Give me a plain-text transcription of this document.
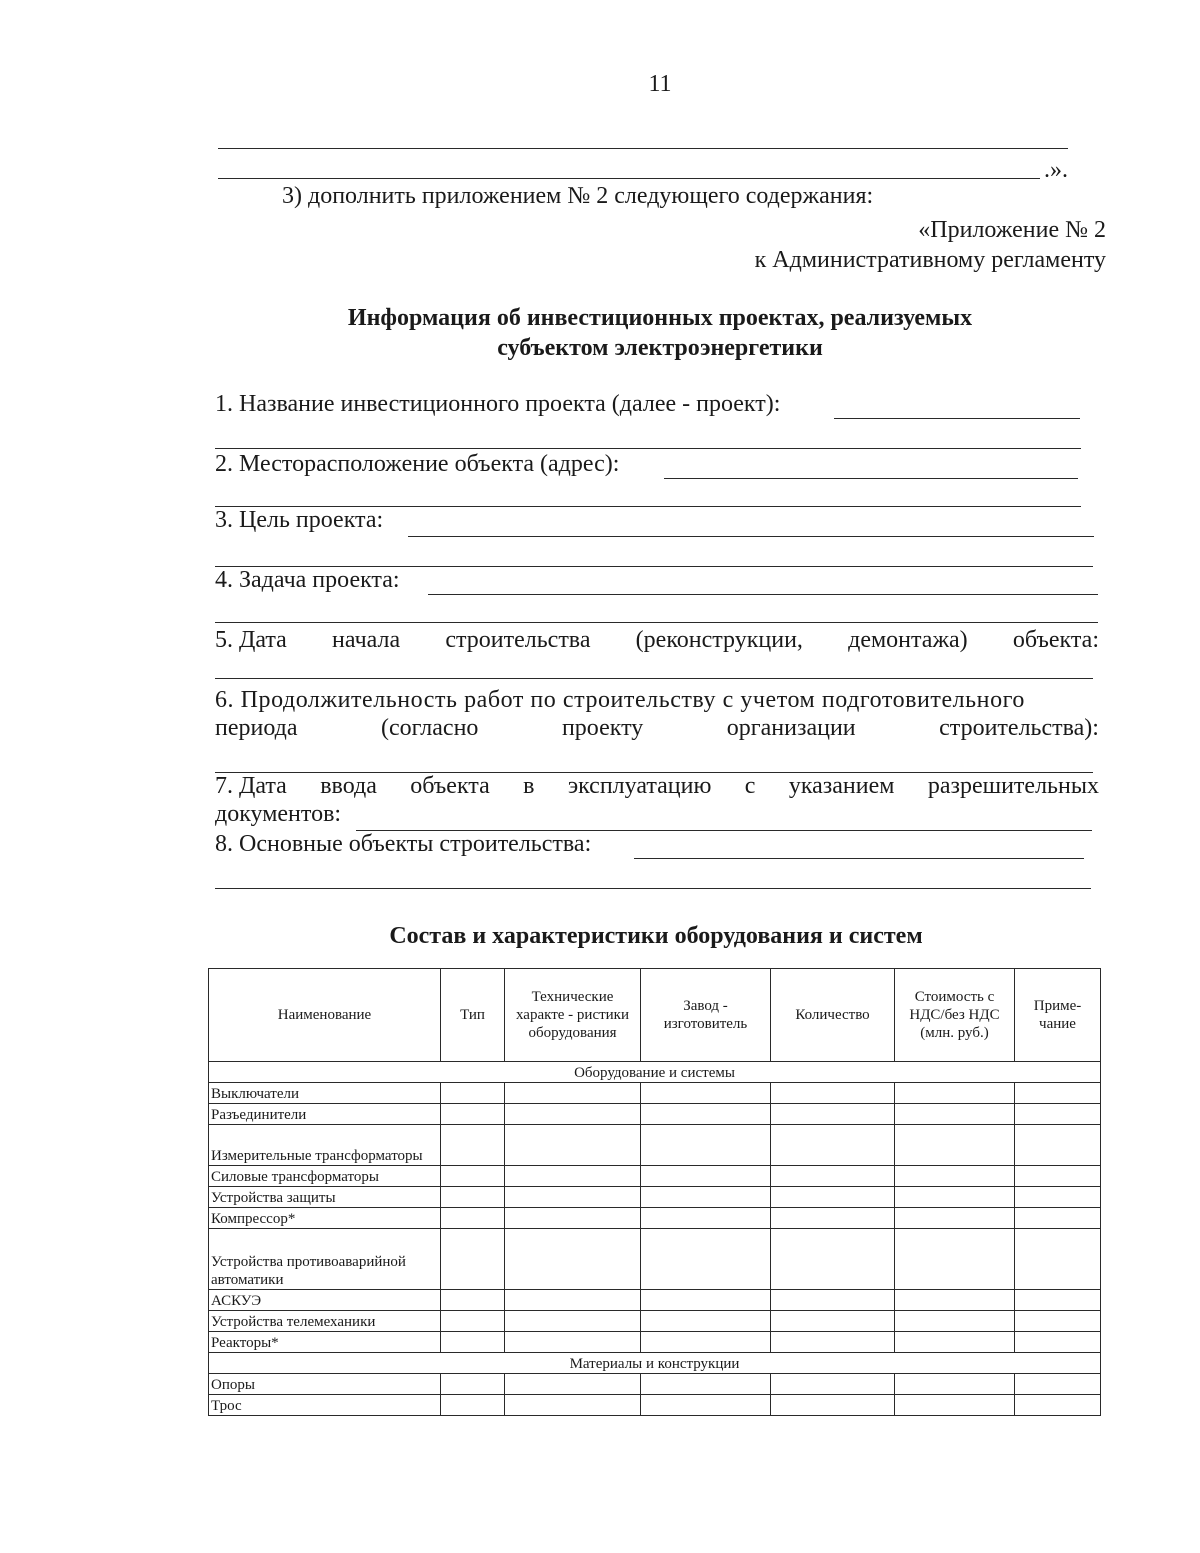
11
.».
3) дополнить приложением № 2 следующего содержания:
«Приложение № 2
к Административному регламенту
Информация об инвестиционных проектах, реализуемых
субъектом электроэнергетики
1. Название инвестиционного проекта (далее - проект):
2. Месторасположение объекта (адрес):
3. Цель проекта:
4. Задача проекта:
5. Дата начала строительства (реконструкции, демонтажа) объекта:
6. Продолжительность работ по строительству с учетом подготовительного
периода	(согласно	проекту	организации	строительства):
7. Дата ввода объекта в эксплуатацию с указанием разрешительных
документов:
8. Основные объекты строительства:
Состав и характеристики оборудования и систем
Наименование	Тип	Технические характе - ристики оборудования	Завод - изготовитель	Количество	Стоимость с НДС/без НДС (млн. руб.)	Приме- чание
Оборудование и системы						
Выключатели						
Разъединители						
Измерительные трансформаторы						
Силовые трансформаторы						
Устройства защиты						
Компрессор*						
Устройства противоаварийной автоматики						
АСКУЭ						
Устройства телемеханики						
Реакторы*						
Материалы и конструкции						
Опоры						
Трос						
